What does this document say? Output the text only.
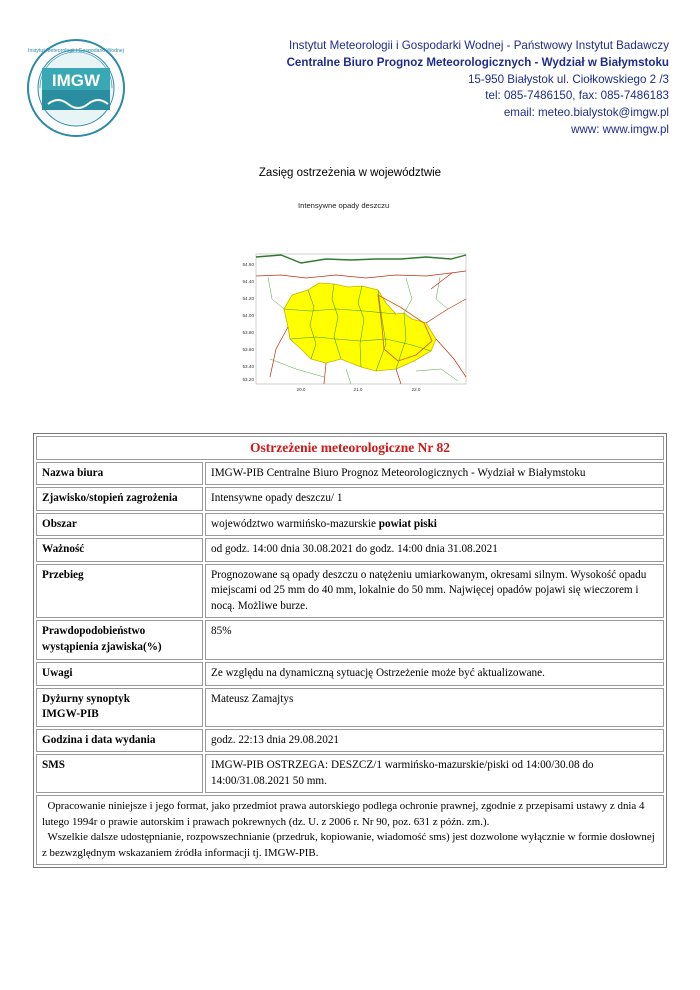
IMGW
Instytut Meteorologii i Gospodarki Wodnej	Instytut Meteorologii i Gospodarki Wodnej - Państwowy Instytut Badawczy
Centralne Biuro Prognoz Meteorologicznych - Wydział w Białymstoku
15-950 Białystok ul. Ciołkowskiego 2 /3
tel: 085-7486150, fax: 085-7486183
email: meteo.bialystok@imgw.pl
www: www.imgw.pl
Zasięg ostrzeżenia w województwie
Intensywne opady deszczu
54.60
54.40
54.20
54.00
53.80
53.60
53.40
53.20
20.0	21.0	22.0
Ostrzeżenie meteorologiczne Nr 82	
Nazwa biura	IMGW-PIB Centralne Biuro Prognoz Meteorologicznych - Wydział w Białymstoku
Zjawisko/stopień zagrożenia	Intensywne opady deszczu/ 1
Obszar	województwo warmińsko-mazurskie powiat piski
Ważność	od godz. 14:00 dnia 30.08.2021 do godz. 14:00 dnia 31.08.2021
Przebieg	Prognozowane są opady deszczu o natężeniu umiarkowanym, okresami silnym. Wysokość opadu miejscami od 25 mm do 40 mm, lokalnie do 50 mm. Najwięcej opadów pojawi się wieczorem i nocą. Możliwe burze.
Prawdopodobieństwo
wystąpienia zjawiska(%)	85%
Uwagi	Ze względu na dynamiczną sytuację Ostrzeżenie może być aktualizowane.
Dyżurny synoptyk
IMGW-PIB	Mateusz Zamajtys
Godzina i data wydania	godz. 22:13 dnia 29.08.2021
SMS	IMGW-PIB OSTRZEGA: DESZCZ/1 warmińsko-mazurskie/piski od 14:00/30.08 do 14:00/31.08.2021 50 mm.
Opracowanie niniejsze i jego format, jako przedmiot prawa autorskiego podlega ochronie prawnej, zgodnie z przepisami ustawy z dnia 4 lutego 1994r o prawie autorskim i prawach pokrewnych (dz. U. z 2006 r. Nr 90, poz. 631 z późn. zm.).
Wszelkie dalsze udostępnianie, rozpowszechnianie (przedruk, kopiowanie, wiadomość sms) jest dozwolone wyłącznie w formie dosłownej z bezwzględnym wskazaniem źródła informacji tj. IMGW-PIB.	
